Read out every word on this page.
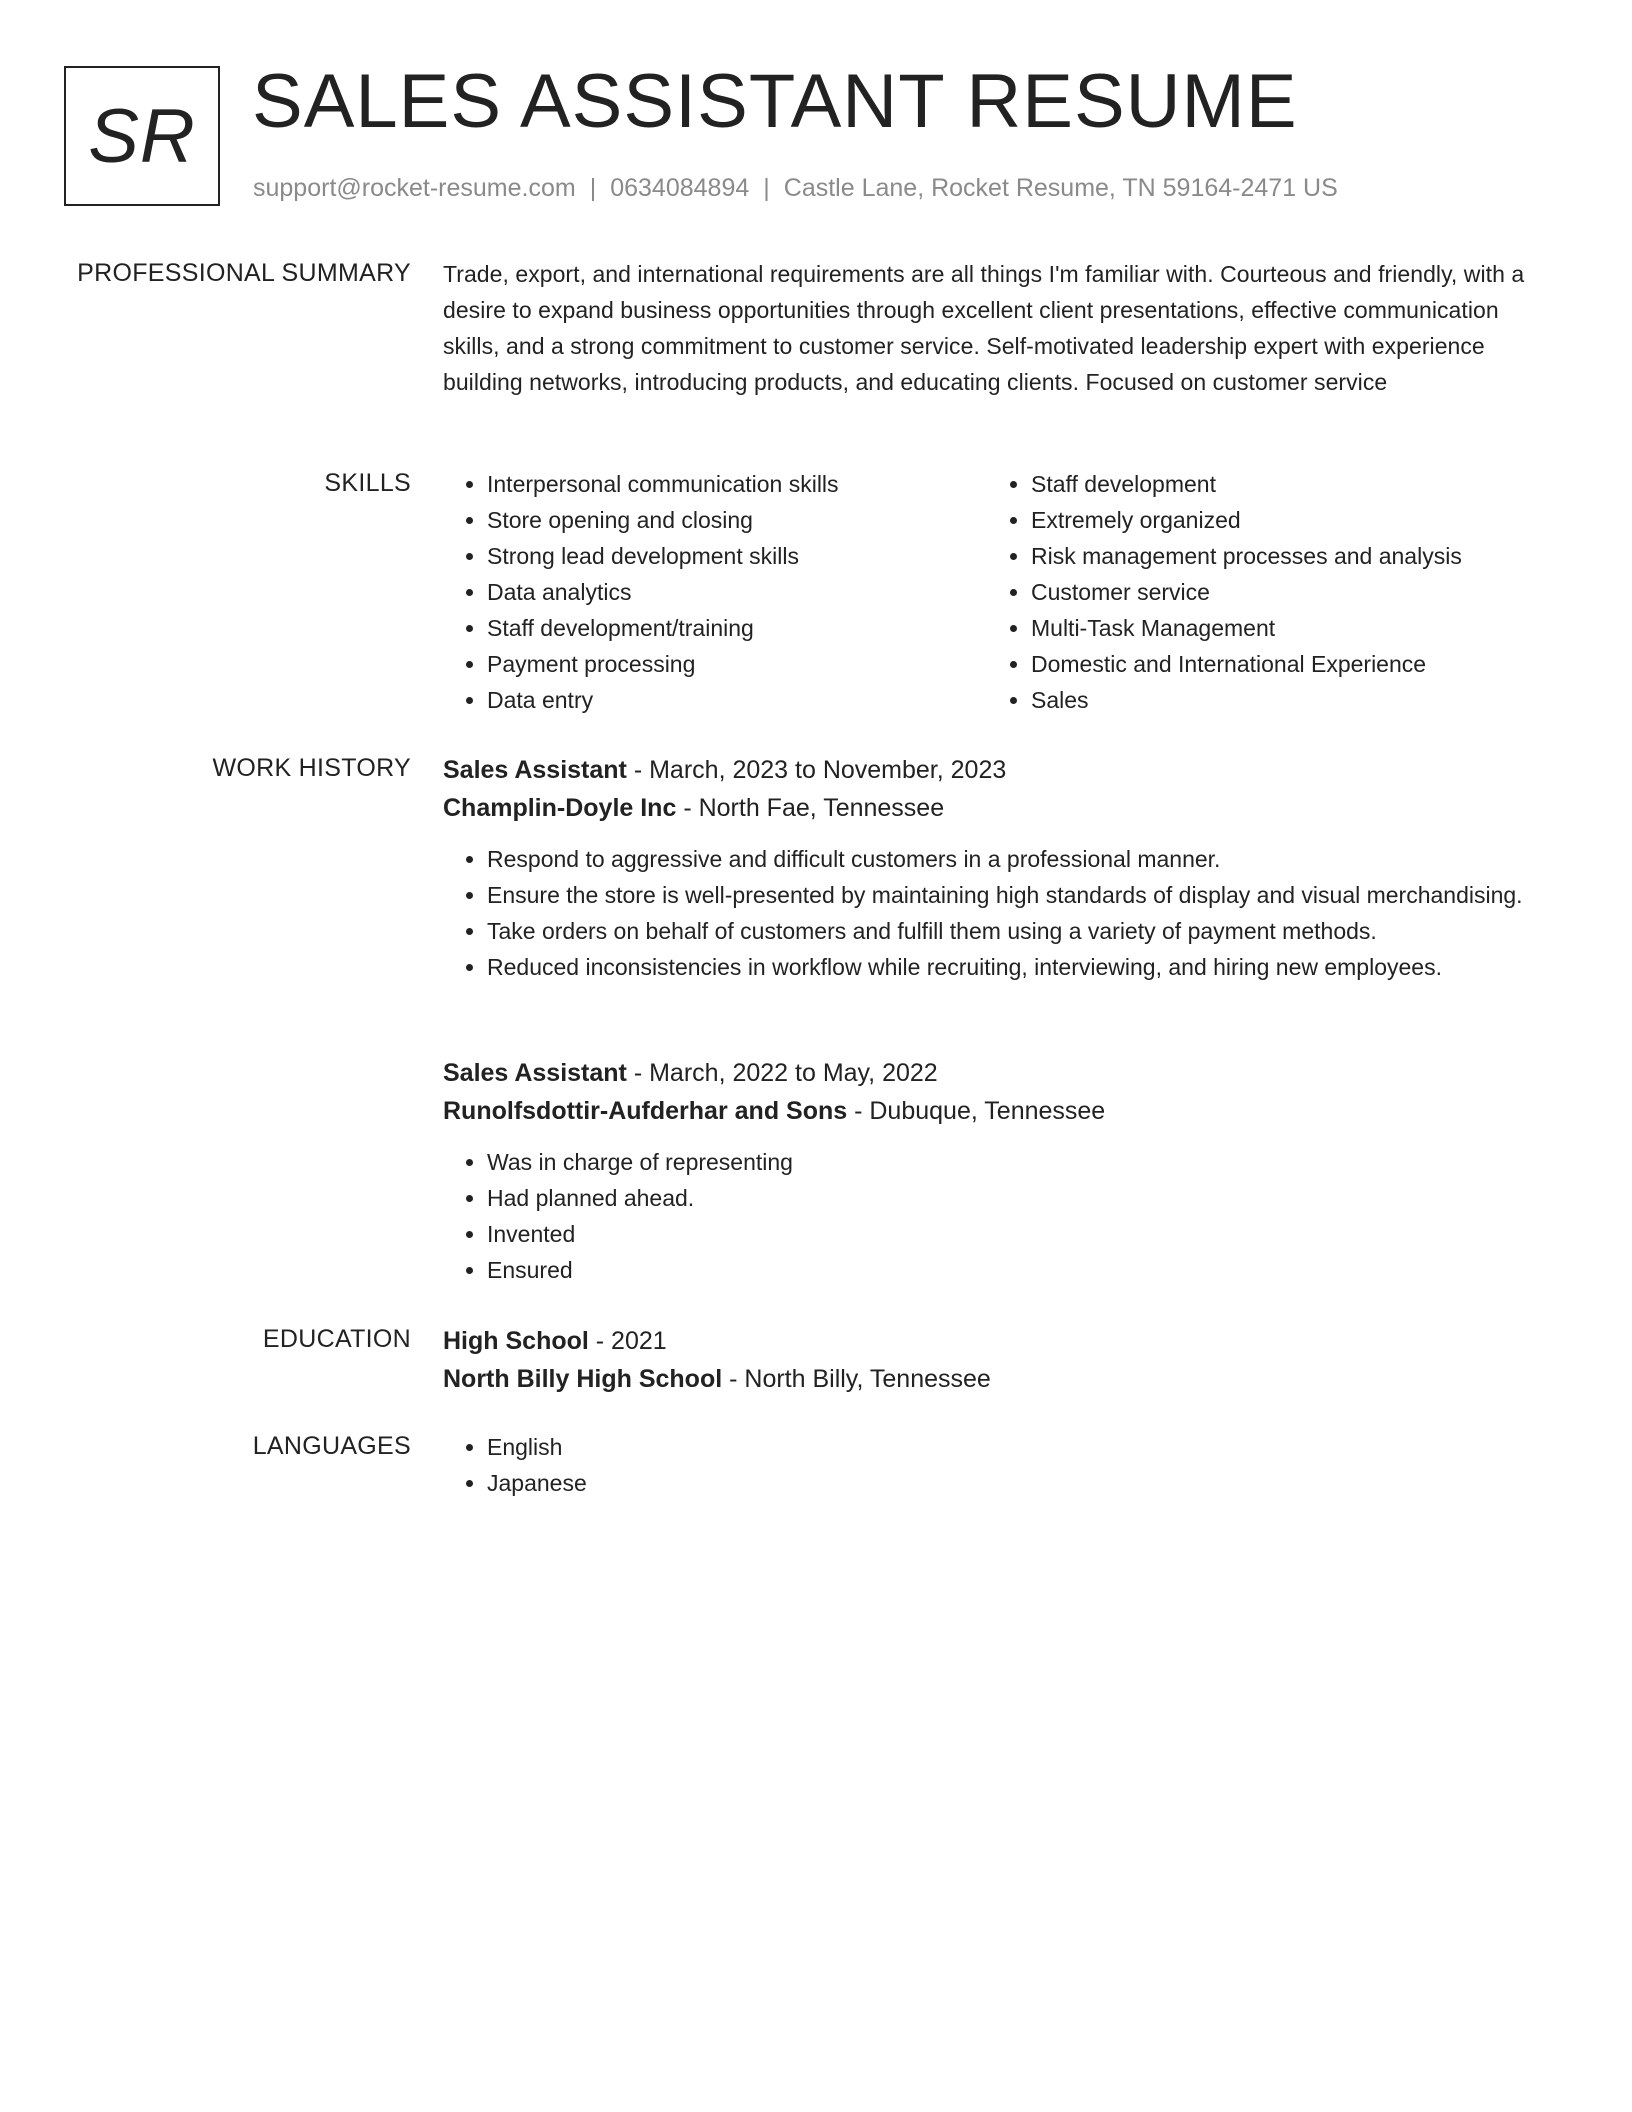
SR SALES ASSISTANT RESUME
support@rocket-resume.com | 0634084894 | Castle Lane, Rocket Resume, TN 59164-2471 US
PROFESSIONAL SUMMARY Trade, export, and international requirements are all things I'm familiar with. Courteous and friendly, with a desire to expand business opportunities through excellent client presentations, effective communication skills, and a strong commitment to customer service. Self-motivated leadership expert with experience building networks, introducing products, and educating clients. Focused on customer service

SKILLS	• Interpersonal communication skills
• Store opening and closing
• Strong lead development skills
• Data analytics
• Staff development/training
• Payment processing
• Data entry
• Staff development
• Extremely organized
• Risk management processes and analysis
• Customer service
• Multi-Task Management
• Domestic and International Experience
• Sales
WORK HISTORY Sales Assistant - March, 2023 to November, 2023
Champlin-Doyle Inc - North Fae, Tennessee
• Respond to aggressive and difficult customers in a professional manner.
• Ensure the store is well-presented by maintaining high standards of display and visual merchandising.
• Take orders on behalf of customers and fulfill them using a variety of payment methods.
• Reduced inconsistencies in workflow while recruiting, interviewing, and hiring new employees.
Sales Assistant - March, 2022 to May, 2022
Runolfsdottir-Aufderhar and Sons - Dubuque, Tennessee
• Was in charge of representing
• Had planned ahead.
• Invented
• Ensured
EDUCATION High School - 2021
North Billy High School - North Billy, Tennessee
LANGUAGES	• English
• Japanese
